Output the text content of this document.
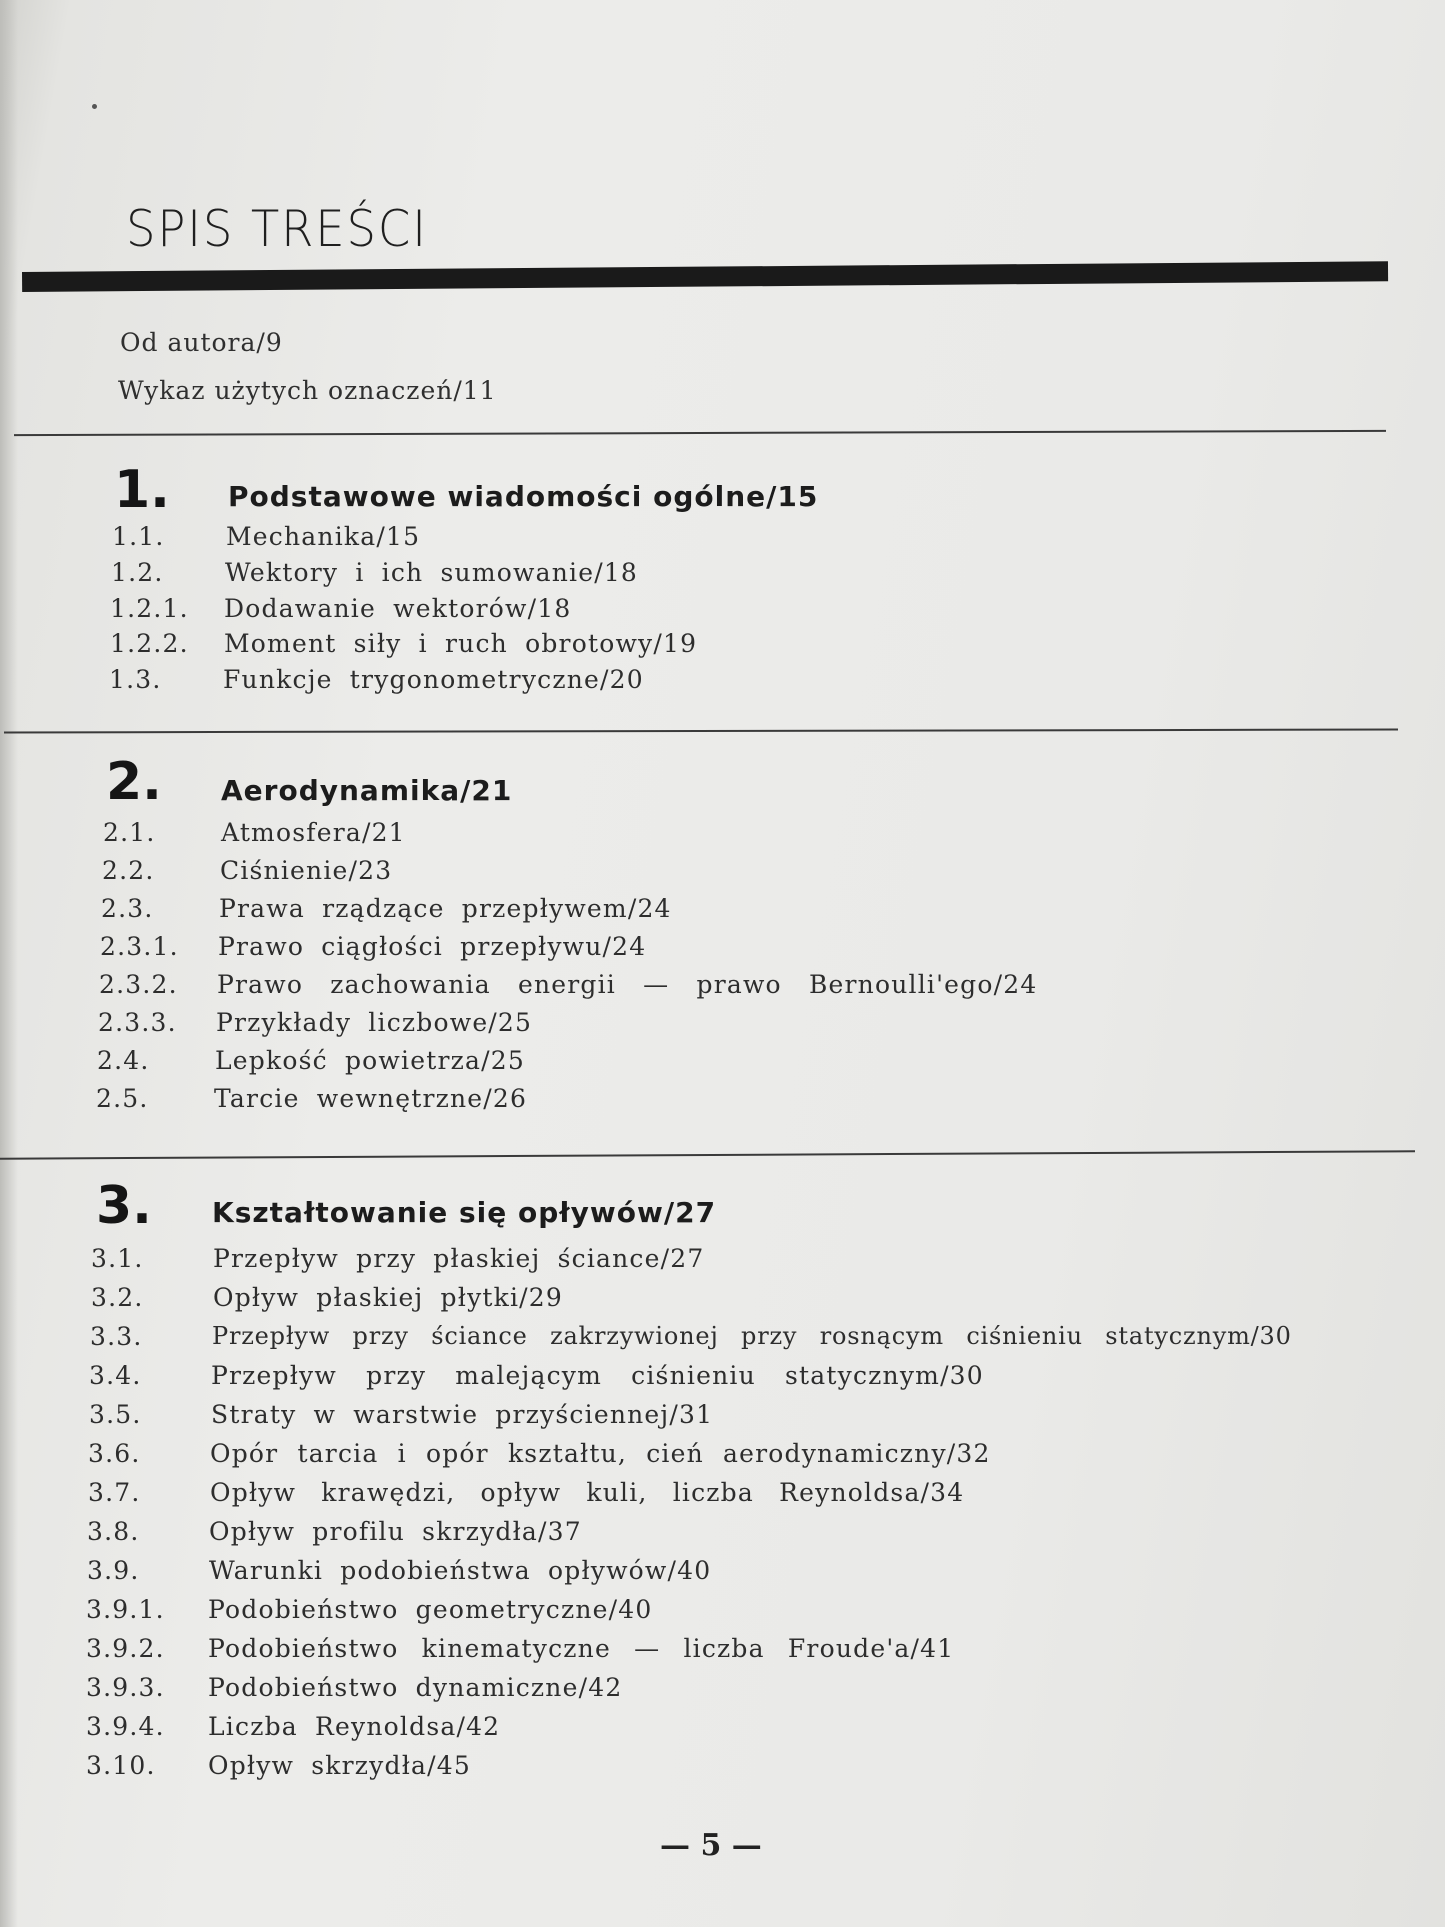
SPIS TREŚCI
Od autora/9
Wykaz użytych oznaczeń/11
1. Podstawowe wiadomości ogólne/15
1.1. Mechanika/15
1.2. Wektory i ich sumowanie/18
1.2.1. Dodawanie wektorów/18
1.2.2. Moment siły i ruch obrotowy/19
1.3. Funkcje trygonometryczne/20
2. Aerodynamika/21
2.1.	Atmosfera/21
2.2.	Ciśnienie/23
2.3.	Prawa rządzące przepływem/24
2.3.1. Prawo ciągłości przepływu/24
2.3.2. Prawo zachowania energii — prawo Bernoulli'ego/24
2.3.3. Przykłady liczbowe/25
2.4.	Lepkość powietrza/25
2.5.	Tarcie wewnętrzne/26
3. Kształtowanie się opływów/27
3.1.	Przepływ przy płaskiej ściance/27
3.2.	Opływ płaskiej płytki/29
3.3.	Przepływ przy ściance zakrzywionej przy rosnącym ciśnieniu statycznym/30
3.4.	Przepływ przy malejącym ciśnieniu statycznym/30
3.5.	Straty w warstwie przyściennej/31
3.6.	Opór tarcia i opór kształtu, cień aerodynamiczny/32
3.7.	Opływ krawędzi, opływ kuli, liczba Reynoldsa/34
3.8.	Opływ profilu skrzydła/37
3.9.	Warunki podobieństwa opływów/40
3.9.1. Podobieństwo geometryczne/40
3.9.2. Podobieństwo kinematyczne — liczba Froude'a/41
3.9.3. Podobieństwo dynamiczne/42
3.9.4. Liczba Reynoldsa/42
3.10. Opływ skrzydła/45
— 5 —
